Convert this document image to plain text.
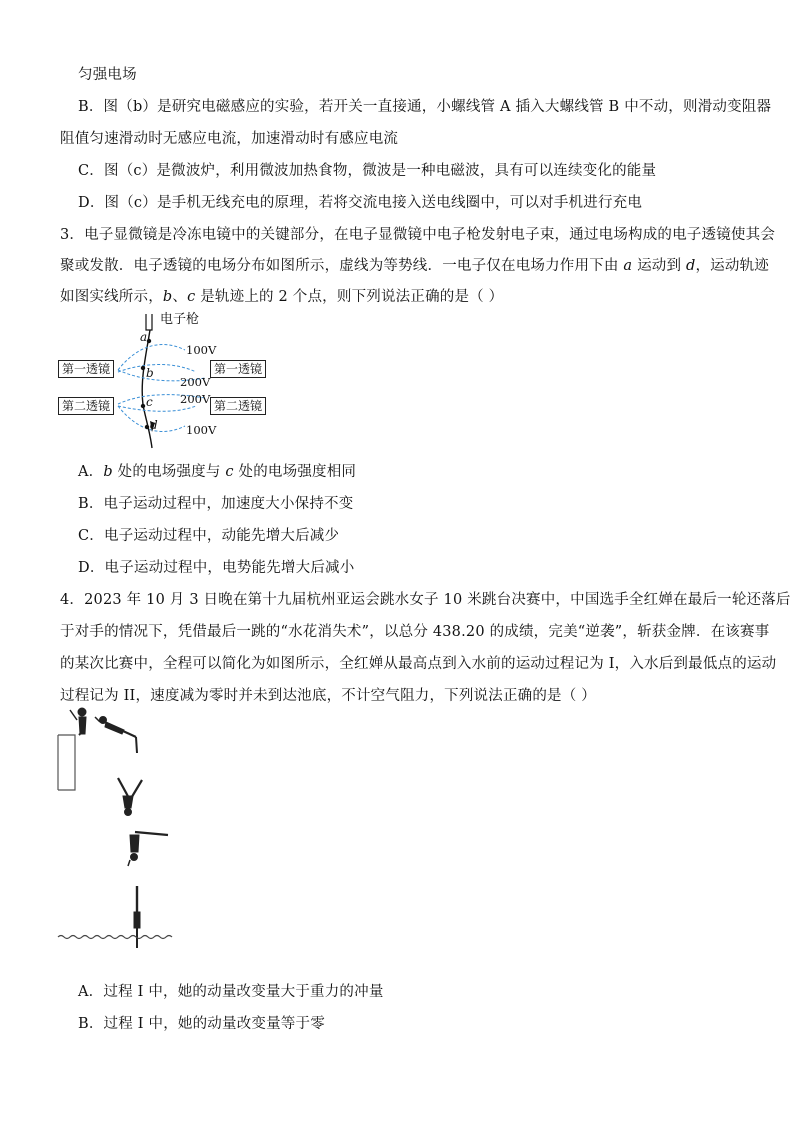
匀强电场
B．图（b）是研究电磁感应的实验，若开关一直接通，小螺线管 A 插入大螺线管 B 中不动，则滑动变阻器
阻值匀速滑动时无感应电流，加速滑动时有感应电流
C．图（c）是微波炉，利用微波加热食物，微波是一种电磁波，具有可以连续变化的能量
D．图（c）是手机无线充电的原理，若将交流电接入送电线圈中，可以对手机进行充电
3．电子显微镜是冷冻电镜中的关键部分，在电子显微镜中电子枪发射电子束，通过电场构成的电子透镜使其会
聚或发散．电子透镜的电场分布如图所示，虚线为等势线．一电子仅在电场力作用下由 a 运动到 d，运动轨迹
如图实线所示，b、c 是轨迹上的 2 个点，则下列说法正确的是（ ）
第一透镜	第一透镜
第二透镜	第二透镜
电子枪
100V
200V
200V
100V
a
b
c
d
A．b 处的电场强度与 c 处的电场强度相同
B．电子运动过程中，加速度大小保持不变
C．电子运动过程中，动能先增大后减少
D．电子运动过程中，电势能先增大后减小
4．2023 年 10 月 3 日晚在第十九届杭州亚运会跳水女子 10 米跳台决赛中，中国选手全红婵在最后一轮还落后
于对手的情况下，凭借最后一跳的“水花消失术”，以总分 438.20 的成绩，完美“逆袭”，斩获金牌．在该赛事
的某次比赛中，全程可以简化为如图所示，全红婵从最高点到入水前的运动过程记为 I，入水后到最低点的运动
过程记为 II，速度减为零时并未到达池底，不计空气阻力，下列说法正确的是（ ）
A．过程 I 中，她的动量改变量大于重力的冲量
B．过程 I 中，她的动量改变量等于零
